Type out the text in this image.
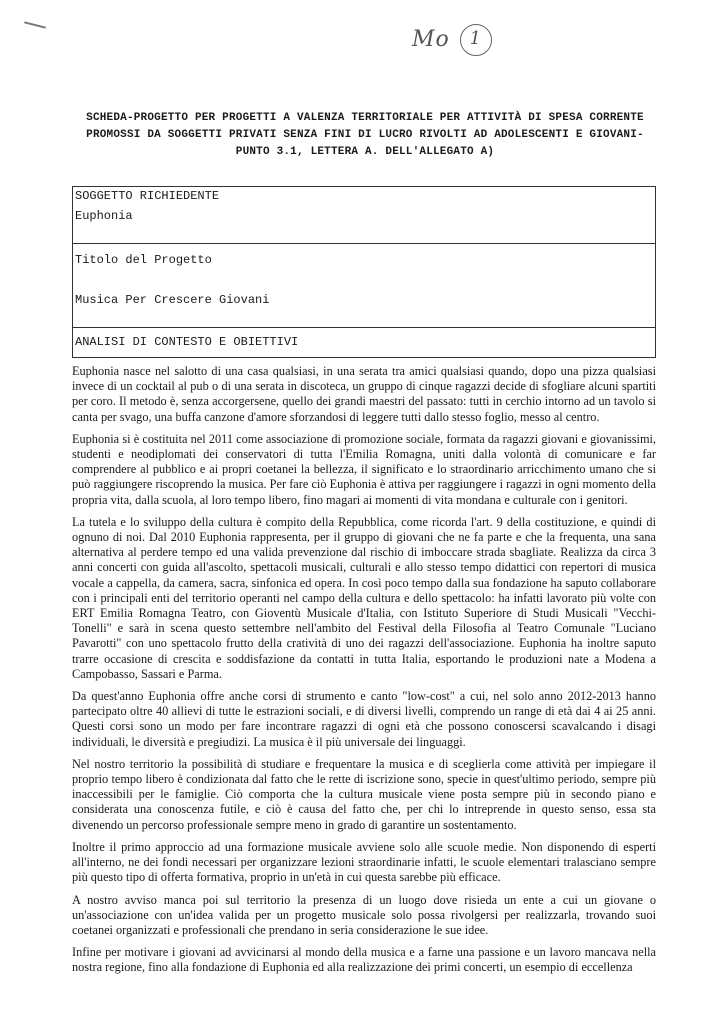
Mo 1
SCHEDA-PROGETTO PER PROGETTI A VALENZA TERRITORIALE PER ATTIVITÀ DI SPESA CORRENTE PROMOSSI DA SOGGETTI PRIVATI SENZA FINI DI LUCRO RIVOLTI AD ADOLESCENTI E GIOVANI- PUNTO 3.1, LETTERA A. DELL'ALLEGATO A)
SOGGETTO RICHIEDENTE
Euphonia
Titolo del Progetto
Musica Per Crescere Giovani
ANALISI DI CONTESTO E OBIETTIVI

Euphonia nasce nel salotto di una casa qualsiasi, in una serata tra amici qualsiasi quando, dopo una pizza qualsiasi invece di un cocktail al pub o di una serata in discoteca, un gruppo di cinque ragazzi decide di sfogliare alcuni spartiti per coro. Il metodo è, senza accorgersene, quello dei grandi maestri del passato: tutti in cerchio intorno ad un tavolo si canta per svago, una buffa canzone d'amore sforzandosi di leggere tutti dallo stesso foglio, messo al centro.

Euphonia si è costituita nel 2011 come associazione di promozione sociale, formata da ragazzi giovani e giovanissimi, studenti e neodiplomati dei conservatori di tutta l'Emilia Romagna, uniti dalla volontà di comunicare e far comprendere al pubblico e ai propri coetanei la bellezza, il significato e lo straordinario arricchimento umano che si può raggiungere riscoprendo la musica. Per fare ciò Euphonia è attiva per raggiungere i ragazzi in ogni momento della propria vita, dalla scuola, al loro tempo libero, fino magari ai momenti di vita mondana e culturale con i genitori.

La tutela e lo sviluppo della cultura è compito della Repubblica, come ricorda l'art. 9 della costituzione, e quindi di ognuno di noi. Dal 2010 Euphonia rappresenta, per il gruppo di giovani che ne fa parte e che la frequenta, una sana alternativa al perdere tempo ed una valida prevenzione dal rischio di imboccare strada sbagliate. Realizza da circa 3 anni concerti con guida all'ascolto, spettacoli musicali, culturali e allo stesso tempo didattici con repertori di musica vocale a cappella, da camera, sacra, sinfonica ed opera. In così poco tempo dalla sua fondazione ha saputo collaborare con i principali enti del territorio operanti nel campo della cultura e dello spettacolo: ha infatti lavorato più volte con ERT Emilia Romagna Teatro, con Gioventù Musicale d'Italia, con Istituto Superiore di Studi Musicali "Vecchi-Tonelli" e sarà in scena questo settembre nell'ambito del Festival della Filosofia al Teatro Comunale "Luciano Pavarotti" con uno spettacolo frutto della cratività di uno dei ragazzi dell'associazione. Euphonia ha inoltre saputo trarre occasione di crescita e soddisfazione da contatti in tutta Italia, esportando le produzioni nate a Modena a Campobasso, Sassari e Parma.

Da quest'anno Euphonia offre anche corsi di strumento e canto "low-cost" a cui, nel solo anno 2012-2013 hanno partecipato oltre 40 allievi di tutte le estrazioni sociali, e di diversi livelli, comprendo un range di età dai 4 ai 25 anni. Questi corsi sono un modo per fare incontrare ragazzi di ogni età che possono conoscersi scavalcando i disagi individuali, le diversità e pregiudizi. La musica è il più universale dei linguaggi.

Nel nostro territorio la possibilità di studiare e frequentare la musica e di sceglierla come attività per impiegare il proprio tempo libero è condizionata dal fatto che le rette di iscrizione sono, specie in quest'ultimo periodo, sempre più inaccessibili per le famiglie. Ciò comporta che la cultura musicale viene posta sempre più in secondo piano e considerata una conoscenza futile, e ciò è causa del fatto che, per chi lo intreprende in questo senso, essa sta divenendo un percorso professionale sempre meno in grado di garantire un sostentamento.

Inoltre il primo approccio ad una formazione musicale avviene solo alle scuole medie. Non disponendo di esperti all'interno, ne dei fondi necessari per organizzare lezioni straordinarie infatti, le scuole elementari tralasciano sempre più questo tipo di offerta formativa, proprio in un'età in cui questa sarebbe più efficace.

A nostro avviso manca poi sul territorio la presenza di un luogo dove risieda un ente a cui un giovane o un'associazione con un'idea valida per un progetto musicale solo possa rivolgersi per realizzarla, trovando suoi coetanei organizzati e professionali che prendano in seria considerazione le sue idee.

Infine per motivare i giovani ad avvicinarsi al mondo della musica e a farne una passione e un lavoro mancava nella nostra regione, fino alla fondazione di Euphonia ed alla realizzazione dei primi concerti, un esempio di eccellenza
